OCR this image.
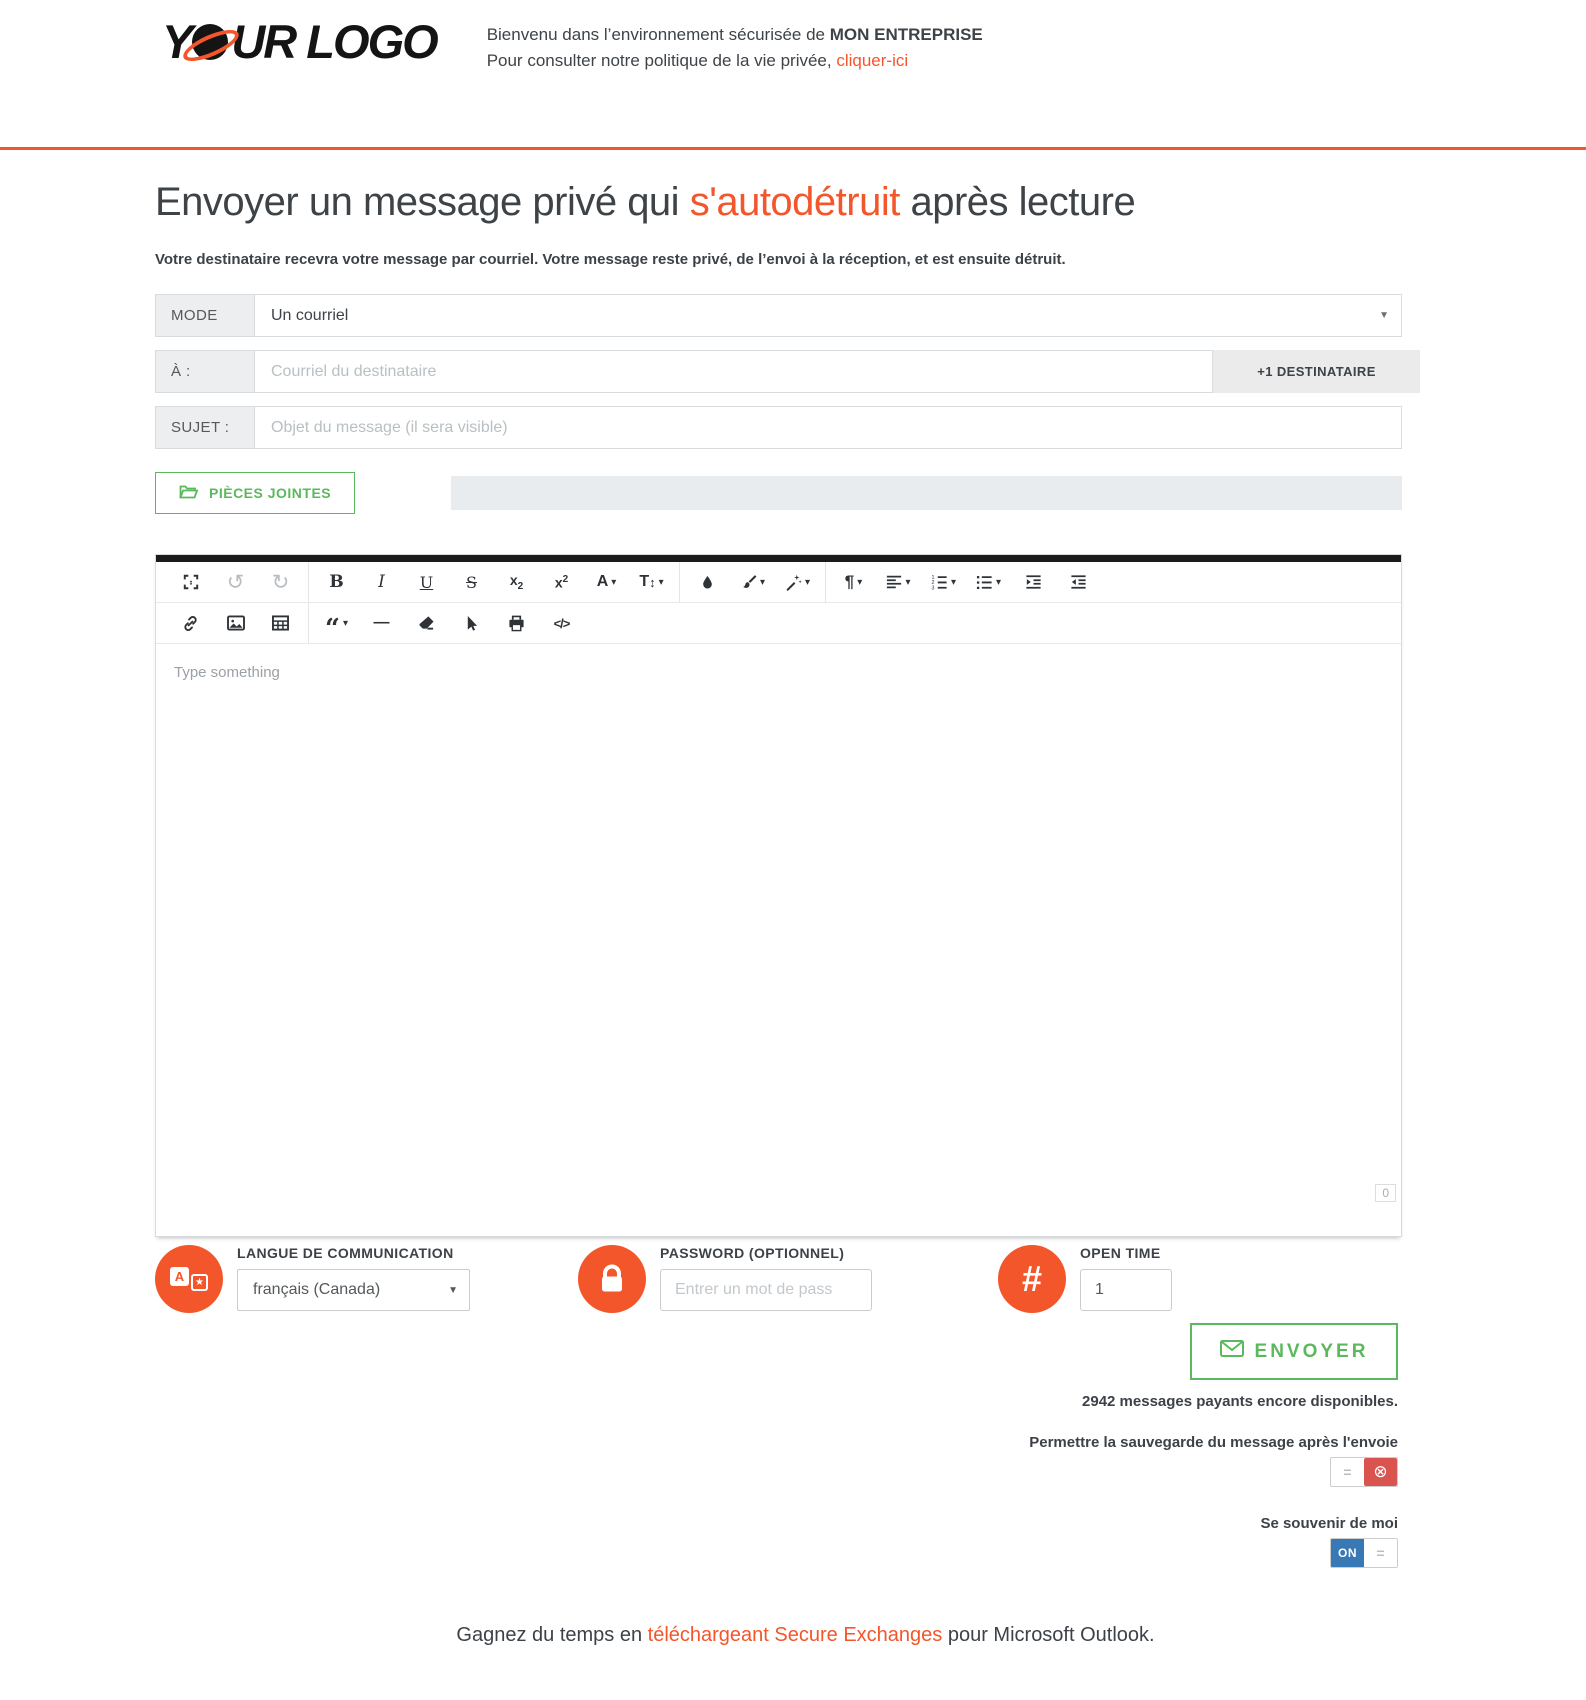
Y UR LOGO	Bienvenu dans l’environnement sécurisée de MON ENTREPRISE
Pour consulter notre politique de la vie privée, cliquer-ici
Envoyer un message privé qui s'autodétruit après lecture
Votre destinataire recevra votre message par courriel. Votre message reste privé, de l’envoi à la réception, et est ensuite détruit.
MODE	Un courriel	▼
À :
Courriel du destinataire	+1 DESTINATAIRE
SUJET :
Objet du message (il sera visible)
PIÈCES JOINTES
↺ ↻ B I U S $x_2$ $x^2$ A ▾ T ↕ ▾	▾	▾ ¶ ▾	▾	1
2
3
▾	▾
“ ▾ —	</>
Type something
0
A	★
LANGUE DE COMMUNICATION
français (Canada)	▼
PASSWORD (OPTIONNEL)
Entrer un mot de pass
#
OPEN TIME
1
ENVOYER
2942 messages payants encore disponibles.
Permettre la sauvegarde du message après l'envoie
=	⊗
Se souvenir de moi
ON	=
Gagnez du temps en téléchargeant Secure Exchanges pour Microsoft Outlook.
